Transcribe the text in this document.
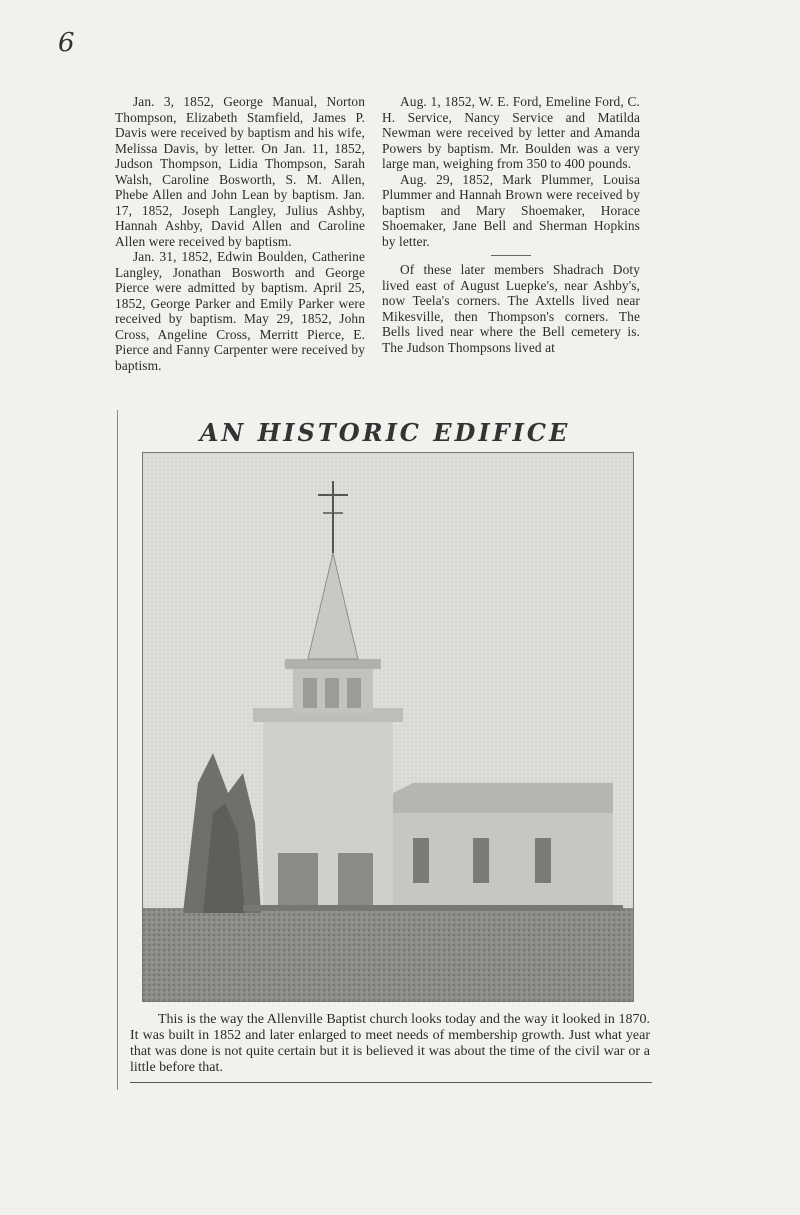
6

Jan. 3, 1852, George Manual, Norton Thompson, Elizabeth Stamfield, James P. Davis were received by baptism and his wife, Melissa Davis, by letter. On Jan. 11, 1852, Judson Thompson, Lidia Thompson, Sarah Walsh, Caroline Bosworth, S. M. Allen, Phebe Allen and John Lean by baptism. Jan. 17, 1852, Joseph Langley, Julius Ashby, Hannah Ashby, David Allen and Caroline Allen were received by baptism.

Jan. 31, 1852, Edwin Boulden, Catherine Langley, Jonathan Bosworth and George Pierce were admitted by baptism. April 25, 1852, George Parker and Emily Parker were received by baptism. May 29, 1852, John Cross, Angeline Cross, Merritt Pierce, E. Pierce and Fanny Carpenter were received by baptism.

Aug. 1, 1852, W. E. Ford, Emeline Ford, C. H. Service, Nancy Service and Matilda Newman were received by letter and Amanda Powers by baptism. Mr. Boulden was a very large man, weighing from 350 to 400 pounds.

Aug. 29, 1852, Mark Plummer, Louisa Plummer and Hannah Brown were received by baptism and Mary Shoemaker, Horace Shoemaker, Jane Bell and Sherman Hopkins by letter.

Of these later members Shadrach Doty lived east of August Luepke's, near Ashby's, now Teela's corners. The Axtells lived near Mikesville, then Thompson's corners. The Bells lived near where the Bell cemetery is. The Judson Thompsons lived at

AN HISTORIC EDIFICE
This is the way the Allenville Baptist church looks today and the way it looked in 1870. It was built in 1852 and later enlarged to meet needs of membership growth. Just what year that was done is not quite certain but it is believed it was about the time of the civil war or a little before that.
